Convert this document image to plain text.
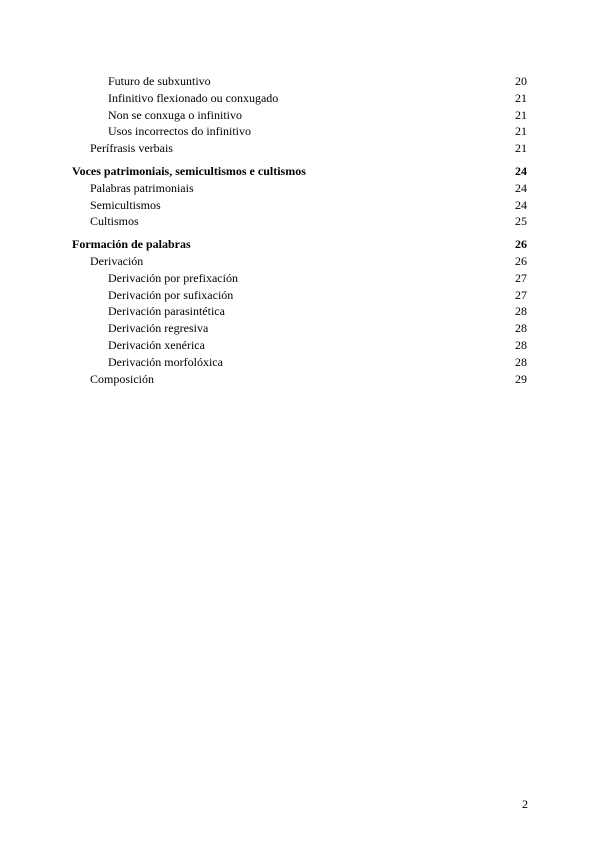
Futuro de subxuntivo	20
Infinitivo flexionado ou conxugado	21
Non se conxuga o infinitivo	21
Usos incorrectos do infinitivo	21
Perífrasis verbais	21
Voces patrimoniais, semicultismos e cultismos	24
Palabras patrimoniais	24
Semicultismos	24
Cultismos	25
Formación de palabras	26
Derivación	26
Derivación por prefixación	27
Derivación por sufixación	27
Derivación parasintética	28
Derivación regresiva	28
Derivación xenérica	28
Derivación morfolóxica	28
Composición	29
2
